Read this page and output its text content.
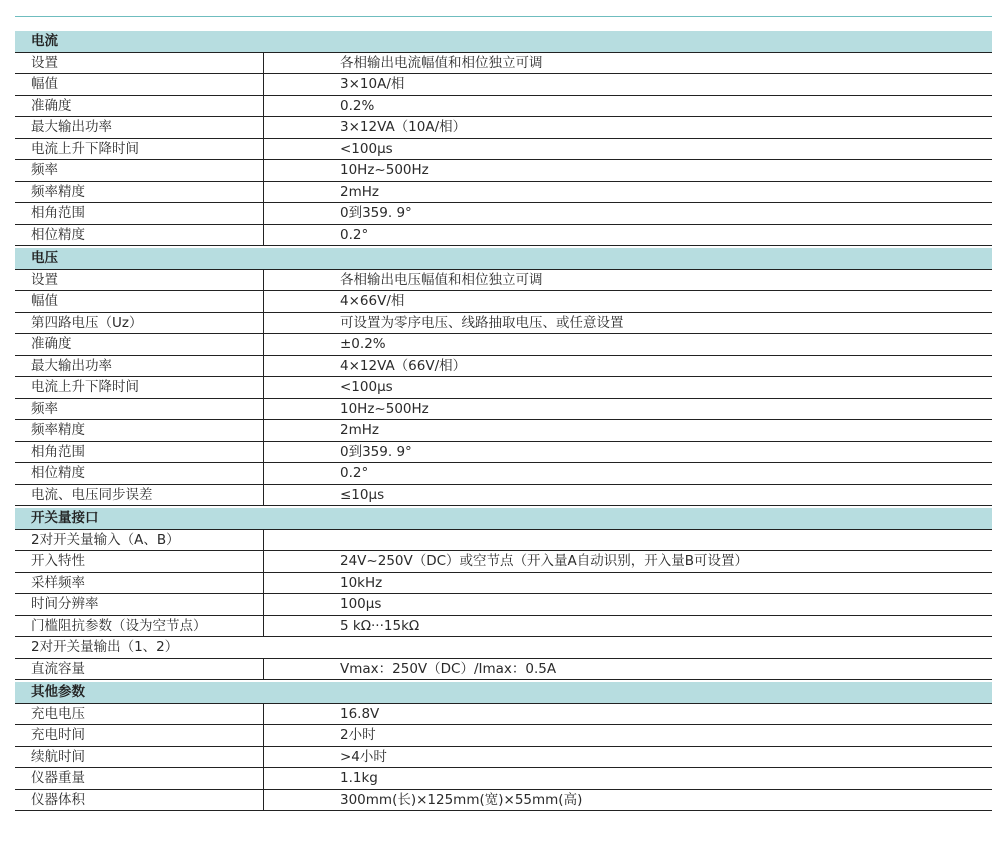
电流
设置	各相输出电流幅值和相位独立可调
幅值	3×10A/相
准确度	0.2%
最大输出功率	3×12VA（10A/相）
电流上升下降时间	<100µs
频率	10Hz~500Hz
频率精度	2mHz
相角范围	0到359. 9°
相位精度	0.2°
电压
设置	各相输出电压幅值和相位独立可调
幅值	4×66V/相
第四路电压（Uz）	可设置为零序电压、线路抽取电压、或任意设置
准确度	±0.2%
最大输出功率	4×12VA（66V/相）
电流上升下降时间	<100µs
频率	10Hz~500Hz
频率精度	2mHz
相角范围	0到359. 9°
相位精度	0.2°
电流、电压同步误差	≤10µs
开关量接口
2对开关量输入（A、B）
开入特性	24V~250V（DC）或空节点（开入量A自动识别，开入量B可设置）
采样频率	10kHz
时间分辨率	100µs
门槛阻抗参数（设为空节点）	5 kΩ···15kΩ
2对开关量输出（1、2）
直流容量	Vmax：250V（DC）/Imax：0.5A
其他参数
充电电压	16.8V
充电时间	2小时
续航时间	>4小时
仪器重量	1.1kg
仪器体积	300mm(长)×125mm(宽)×55mm(高)
